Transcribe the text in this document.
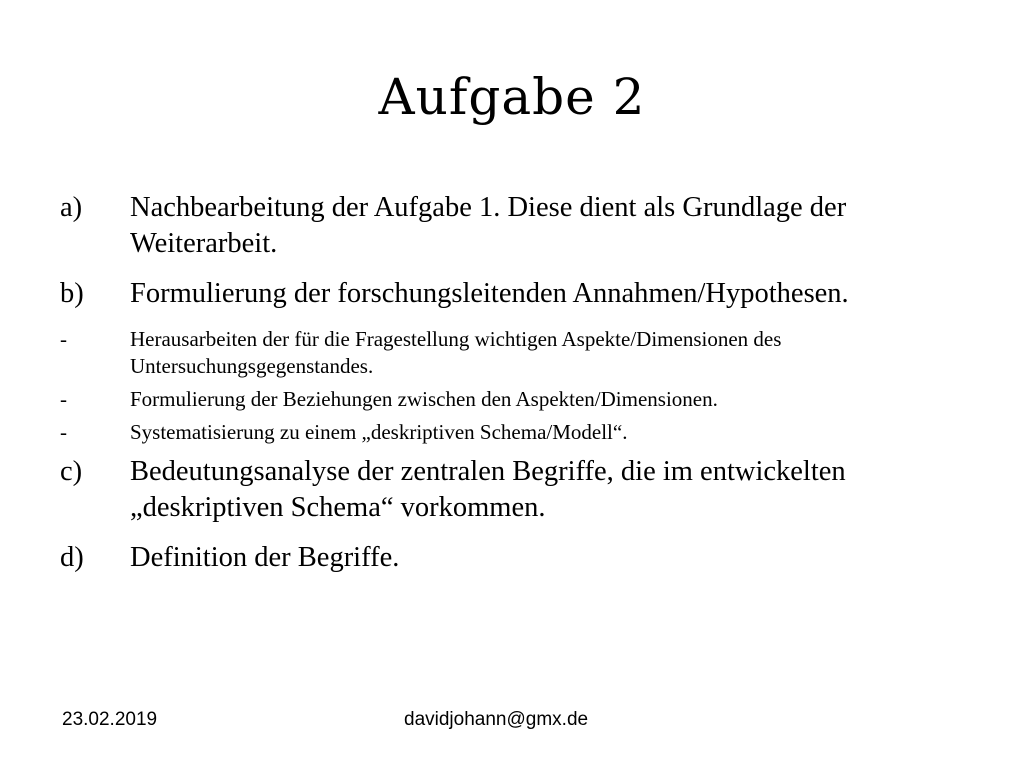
Aufgabe 2
a)	Nachbearbeitung der Aufgabe 1. Diese dient als Grundlage der Weiterarbeit.
b)	Formulierung der forschungsleitenden Annahmen/Hypothesen.
-	Herausarbeiten der für die Fragestellung wichtigen Aspekte/Dimensionen des Untersuchungsgegenstandes.
-	Formulierung der Beziehungen zwischen den Aspekten/Dimensionen.
-	Systematisierung zu einem „deskriptiven Schema/Modell“.
c)	Bedeutungsanalyse der zentralen Begriffe, die im entwickelten „deskriptiven Schema“ vorkommen.
d)	Definition der Begriffe.
23.02.2019	davidjohann@gmx.de
